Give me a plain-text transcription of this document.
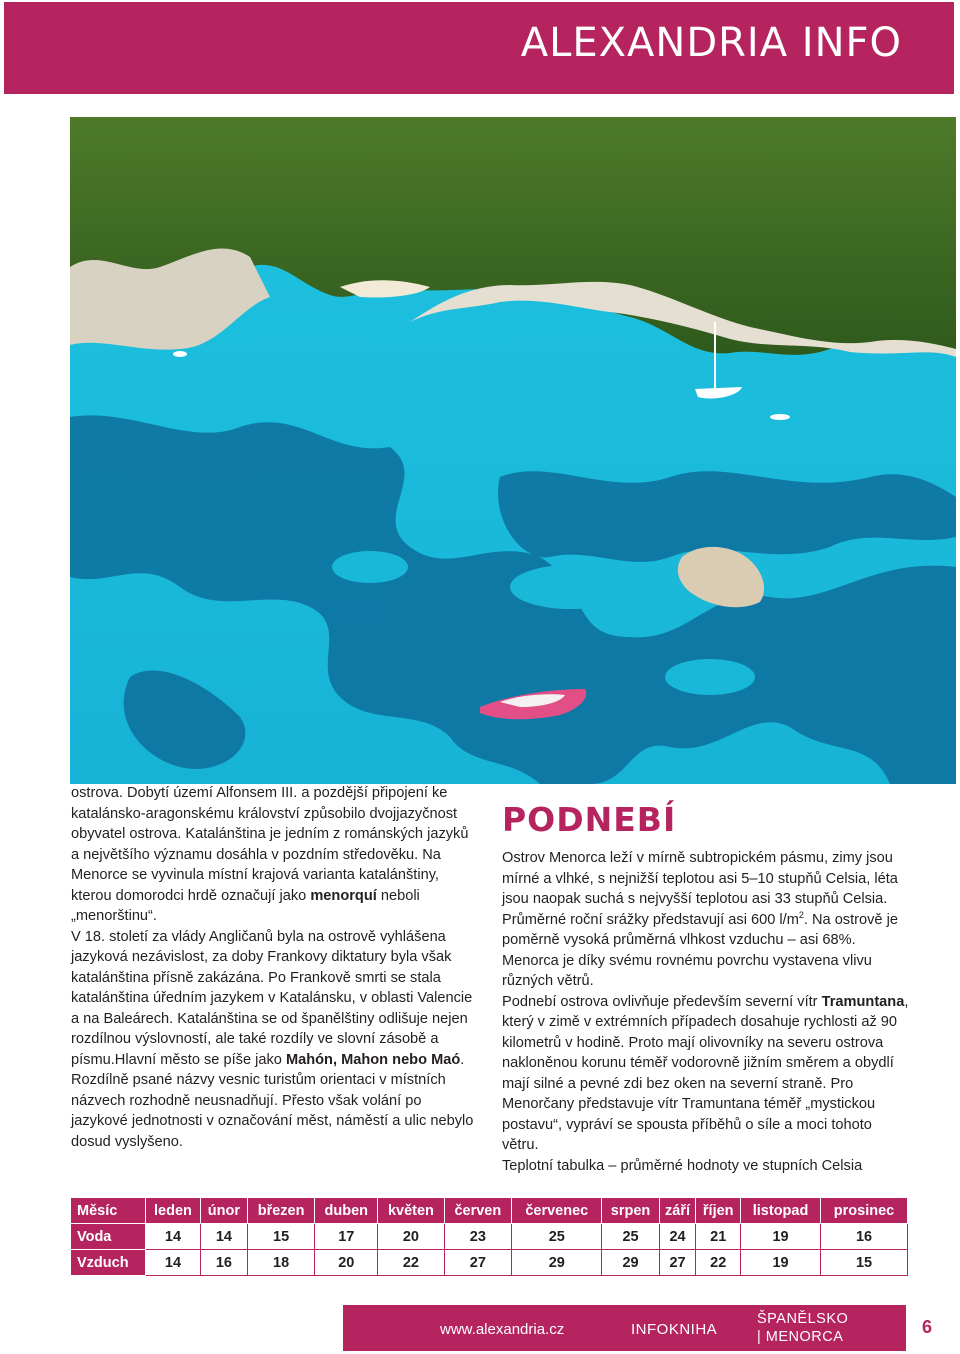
ALEXANDRIA INFO

ostrova. Dobytí území Alfonsem III. a pozdější připojení ke katalánsko-aragonskému království způsobilo dvojjazyčnost obyvatel ostrova. Katalánština je jedním z románských jazyků a největšího významu dosáhla v pozdním středověku. Na Menorce se vyvinula místní krajová varianta katalánštiny, kterou domorodci hrdě označují jako menorquí neboli „menorštinu“.

V 18. století za vlády Angličanů byla na ostrově vyhlášena jazyková nezávislost, za doby Frankovy diktatury byla však katalánština přísně zakázána. Po Frankově smrti se stala katalánština úředním jazykem v Katalánsku, v oblasti Valencie a na Baleárech. Katalánština se od španělštiny odlišuje nejen rozdílnou výslovností, ale také rozdíly ve slovní zásobě a písmu.Hlavní město se píše jako Mahón, Mahon nebo Maó. Rozdílně psané názvy vesnic turistům orientaci v místních názvech rozhodně neusnadňují. Přesto však volání po jazykové jednotnosti v označování měst, náměstí a ulic nebylo dosud vyslyšeno.

PODNEBÍ

Ostrov Menorca leží v mírně subtropickém pásmu, zimy jsou mírné a vlhké, s nejnižší teplotou asi 5–10 stupňů Celsia, léta jsou naopak suchá s nejvyšší teplotou asi 33 stupňů Celsia. Průměrné roční srážky představují asi 600 $l/m^2$. Na ostrově je poměrně vysoká průměrná vlhkost vzduchu – asi 68%. Menorca je díky svému rovnému povrchu vystavena vlivu různých větrů.

Podnebí ostrova ovlivňuje především severní vítr Tramuntana, který v zimě v extrémních případech dosahuje rychlosti až 90 kilometrů v hodině. Proto mají olivovníky na severu ostrova nakloněnou korunu téměř vodorovně jižním směrem a obydlí mají silné a pevné zdi bez oken na severní straně. Pro Menorčany představuje vítr Tramuntana téměř „mystickou postavu“, vypráví se spousta příběhů o síle a moci tohoto větru.

Teplotní tabulka – průměrné hodnoty ve stupních Celsia

Měsíc	leden	únor	březen	duben	květen	červen	červenec	srpen	září	říjen	listopad	prosinec
Voda	14	14	15	17	20	23	25	25	24	21	19	16
Vzduch	14	16	18	20	22	27	29	29	27	22	19	15
www.alexandria.cz	INFOKNIHA
ŠPANĚLSKO
| MENORCA	6
